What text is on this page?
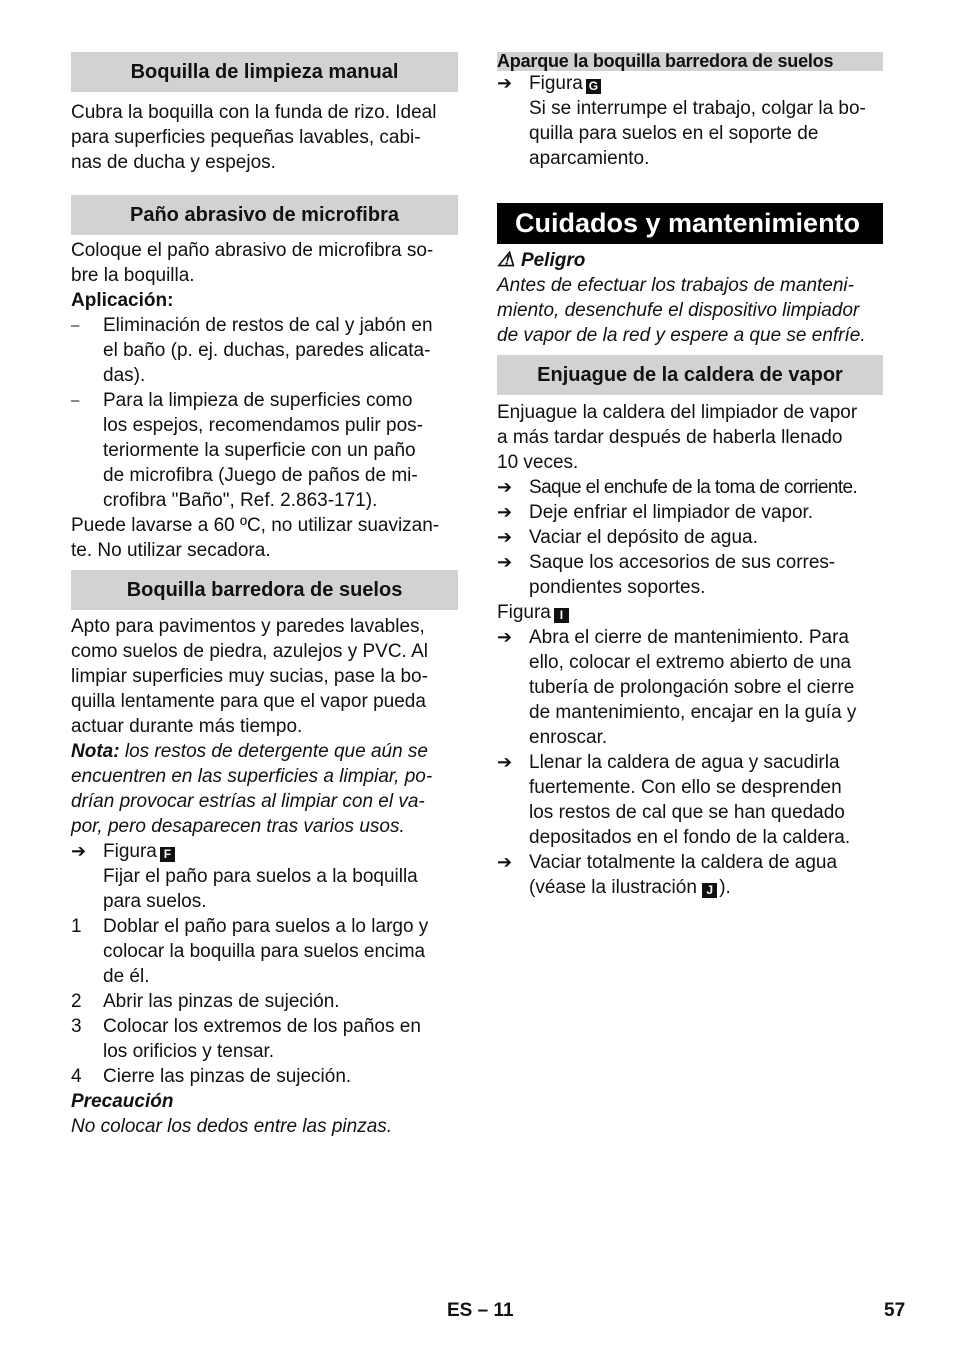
Boquilla de limpieza manual

Cubra la boquilla con la funda de rizo. Ideal

para superficies pequeñas lavables, cabi-

nas de ducha y espejos.

Paño abrasivo de microfibra

Coloque el paño abrasivo de microfibra so-

bre la boquilla.

Aplicación:

–	Eliminación de restos de cal y jabón en

el baño (p. ej. duchas, paredes alicata-

das).

–	Para la limpieza de superficies como

los espejos, recomendamos pulir pos-

teriormente la superficie con un paño

de microfibra (Juego de paños de mi-

crofibra "Baño", Ref. 2.863-171).

Puede lavarse a 60 ºC, no utilizar suavizan-

te. No utilizar secadora.

Boquilla barredora de suelos

Apto para pavimentos y paredes lavables,

como suelos de piedra, azulejos y PVC. Al

limpiar superficies muy sucias, pase la bo-

quilla lentamente para que el vapor pueda

actuar durante más tiempo.

Nota: los restos de detergente que aún se

encuentren en las superficies a limpiar, po-

drían provocar estrías al limpiar con el va-

por, pero desaparecen tras varios usos.

➔ Figura F

Fijar el paño para suelos a la boquilla

para suelos.

1	Doblar el paño para suelos a lo largo y

colocar la boquilla para suelos encima

de él.

2	Abrir las pinzas de sujeción.

3	Colocar los extremos de los paños en

los orificios y tensar.

4	Cierre las pinzas de sujeción.

Precaución

No colocar los dedos entre las pinzas.

Aparque la boquilla barredora de suelos
➔ Figura G

Si se interrumpe el trabajo, colgar la bo-

quilla para suelos en el soporte de

aparcamiento.

Cuidados y mantenimiento

⚠ Peligro

Antes de efectuar los trabajos de manteni-

miento, desenchufe el dispositivo limpiador

de vapor de la red y espere a que se enfríe.

Enjuague de la caldera de vapor

Enjuague la caldera del limpiador de vapor

a más tardar después de haberla llenado

10 veces.

➔ Saque el enchufe de la toma de corriente.

➔ Deje enfriar el limpiador de vapor.

➔ Vaciar el depósito de agua.

➔ Saque los accesorios de sus corres-

pondientes soportes.

Figura I

➔ Abra el cierre de mantenimiento. Para

ello, colocar el extremo abierto de una

tubería de prolongación sobre el cierre

de mantenimiento, encajar en la guía y

enroscar.

➔ Llenar la caldera de agua y sacudirla

fuertemente. Con ello se desprenden

los restos de cal que se han quedado

depositados en el fondo de la caldera.

➔ Vaciar totalmente la caldera de agua

(véase la ilustración J ).

ES – 11	57
